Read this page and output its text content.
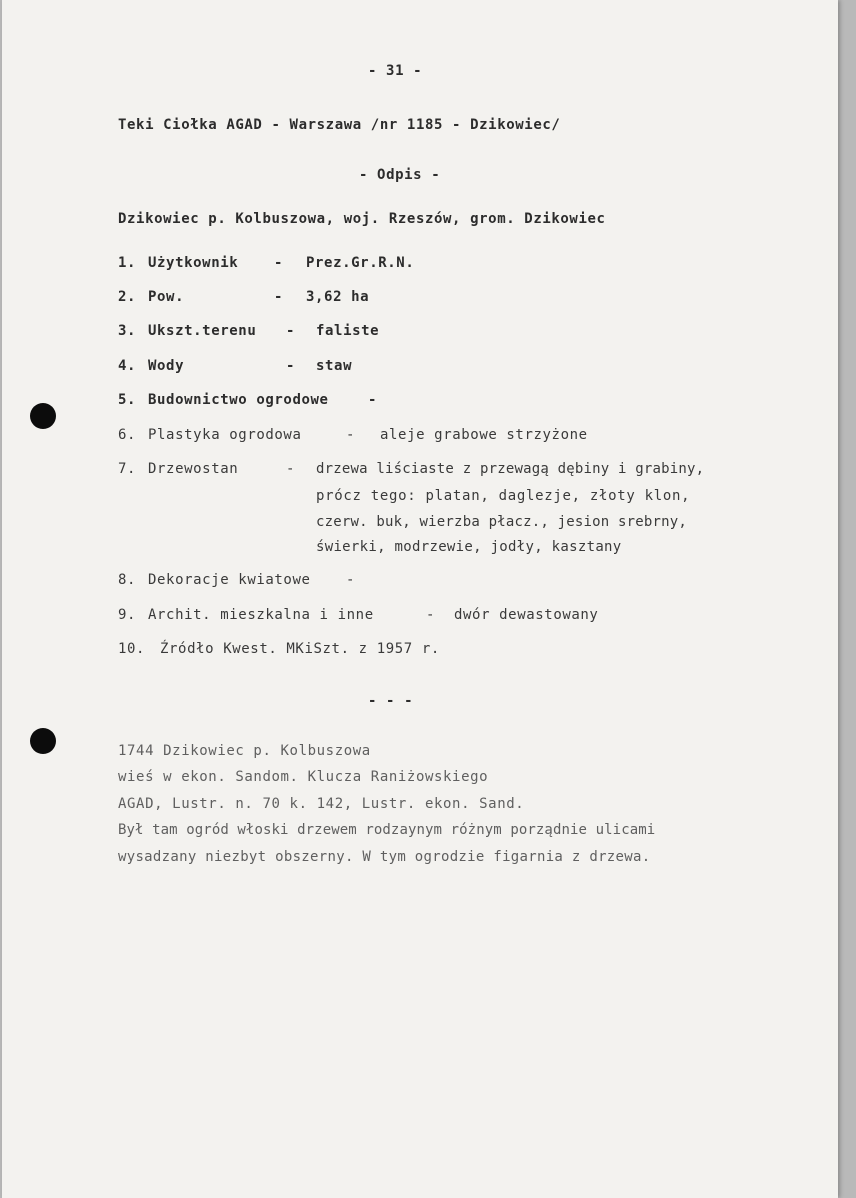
- 31 -
Teki Ciołka AGAD - Warszawa /nr 1185 - Dzikowiec/
- Odpis -
Dzikowiec p. Kolbuszowa, woj. Rzeszów, grom. Dzikowiec
1. Użytkownik	- Prez.Gr.R.N.
2. Pow.	- 3,62 ha
3. Ukszt.terenu - faliste
4. Wody	- staw
5. Budownictwo ogrodowe	-
6. Plastyka ogrodowa	- aleje grabowe strzyżone
7. Drzewostan	- drzewa liściaste z przewagą dębiny i grabiny,
prócz tego: platan, daglezje, złoty klon,
czerw. buk, wierzba płacz., jesion srebrny,
świerki, modrzewie, jodły, kasztany
8. Dekoracje kwiatowe	-
9. Archit. mieszkalna i inne	- dwór dewastowany
10. Źródło Kwest. MKiSzt. z 1957 r.
- - -
1744 Dzikowiec p. Kolbuszowa
wieś w ekon. Sandom. Klucza Raniżowskiego
AGAD, Lustr. n. 70 k. 142, Lustr. ekon. Sand.
Był tam ogród włoski drzewem rodzaynym różnym porządnie ulicami
wysadzany niezbyt obszerny. W tym ogrodzie figarnia z drzewa.
